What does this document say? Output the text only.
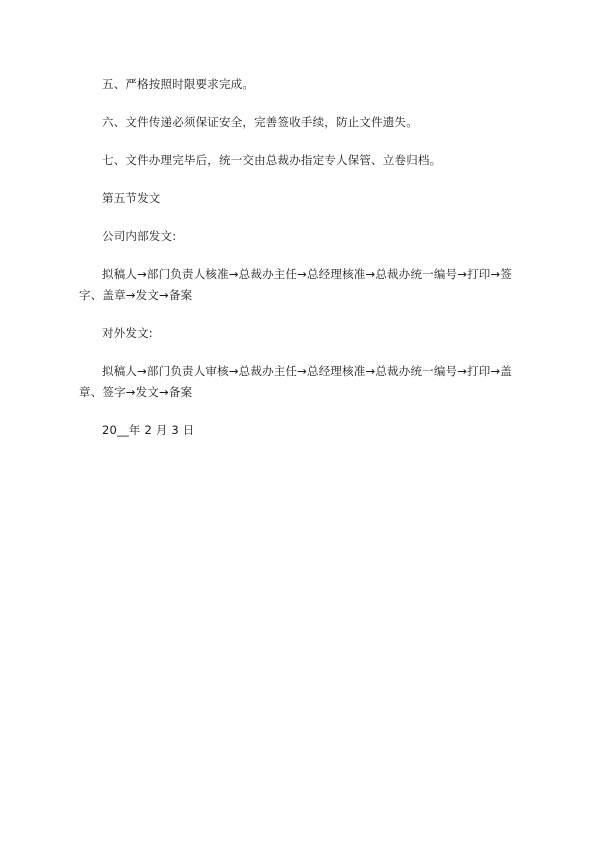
五、严格按照时限要求完成。

六、文件传递必须保证安全，完善签收手续，防止文件遗失。

七、文件办理完毕后，统一交由总裁办指定专人保管、立卷归档。

第五节发文

公司内部发文:

拟稿人→部门负责人核准→总裁办主任→总经理核准→总裁办统一编号→打印→签字、盖章→发文→备案

对外发文:

拟稿人→部门负责人审核→总裁办主任→总经理核准→总裁办统一编号→打印→盖章、签字→发文→备案

20__年 2 月 3 日
